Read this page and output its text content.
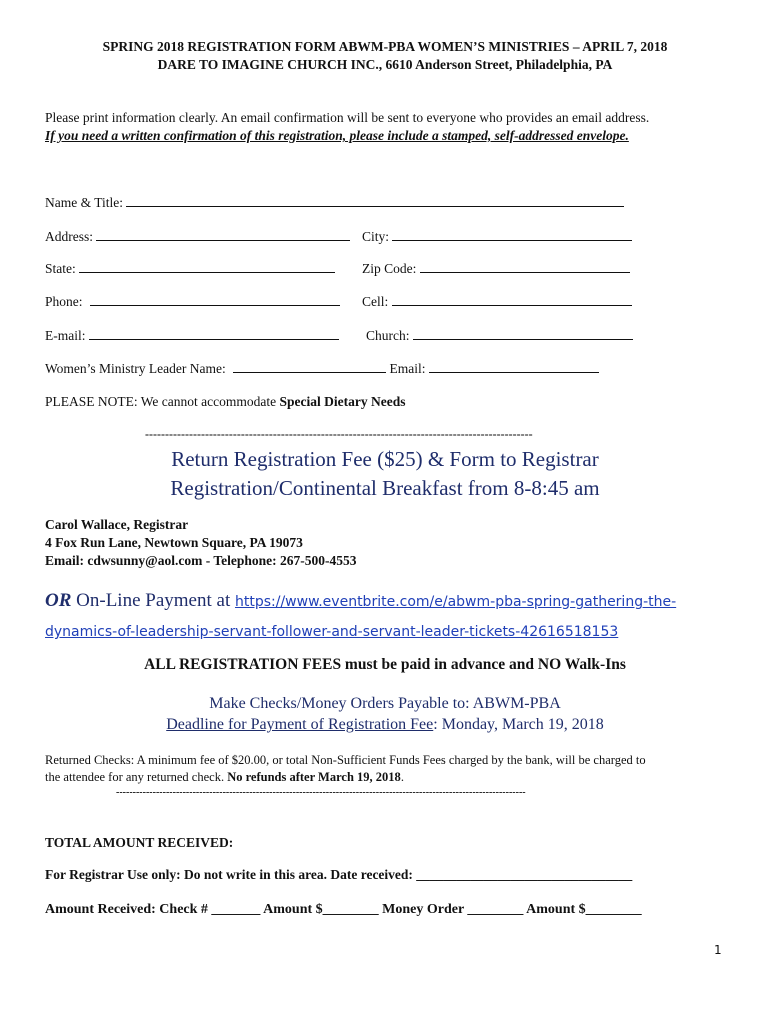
SPRING 2018 REGISTRATION FORM ABWM-PBA WOMEN’S MINISTRIES – APRIL 7, 2018
DARE TO IMAGINE CHURCH INC., 6610 Anderson Street, Philadelphia, PA
Please print information clearly. An email confirmation will be sent to everyone who provides an email address.
If you need a written confirmation of this registration, please include a stamped, self-addressed envelope.
Name & Title:
Address:	City:
State:	Zip Code:
Phone:	Cell:
E-mail:	Church:
Women’s Ministry Leader Name:	Email:
PLEASE NOTE: We cannot accommodate Special Dietary Needs
-------------------------------------------------------------------------------------------------
Return Registration Fee ($25) & Form to Registrar
Registration/Continental Breakfast from 8-8:45 am
Carol Wallace, Registrar
4 Fox Run Lane, Newtown Square, PA 19073
Email: cdwsunny@aol.com - Telephone: 267-500-4553
OR On-Line Payment at https://www.eventbrite.com/e/abwm-pba-spring-gathering-the-
dynamics-of-leadership-servant-follower-and-servant-leader-tickets-42616518153
ALL REGISTRATION FEES must be paid in advance and NO Walk-Ins
Make Checks/Money Orders Payable to: ABWM-PBA
Deadline for Payment of Registration Fee: Monday, March 19, 2018
Returned Checks: A minimum fee of $20.00, or total Non-Sufficient Funds Fees charged by the bank, will be charged to
the attendee for any returned check. No refunds after March 19, 2018.
---------------------------------------------------------------------------------------------------------------------------
TOTAL AMOUNT RECEIVED:
For Registrar Use only: Do not write in this area. Date received: ________________________________
Amount Received: Check # _______ Amount $________ Money Order ________ Amount $________
1
